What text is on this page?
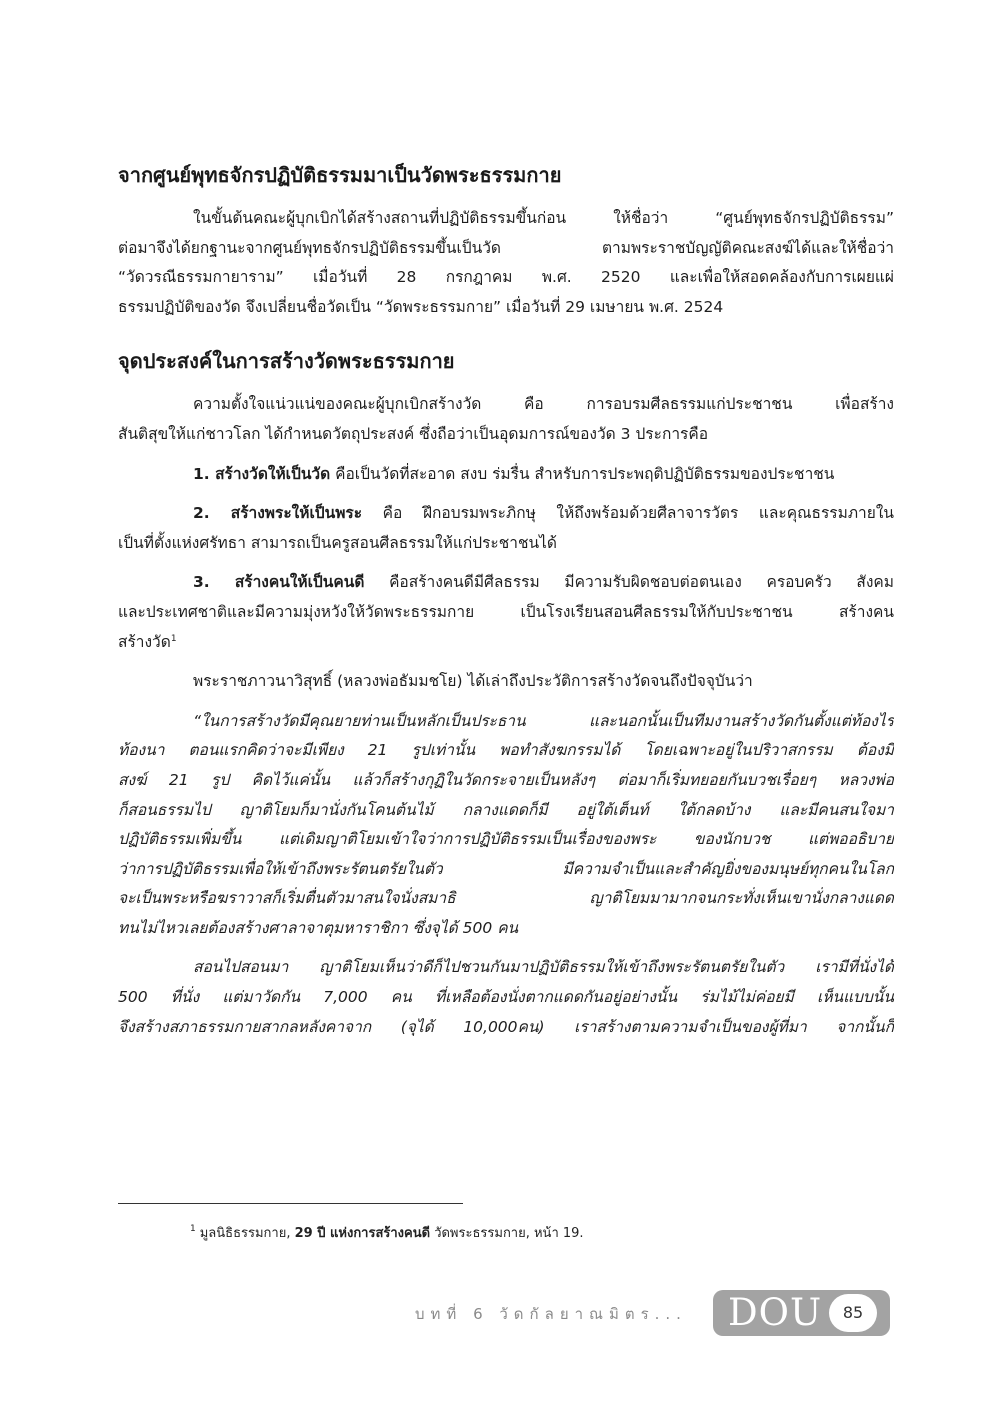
จากศูนย์พุทธจักรปฏิบัติธรรมมาเป็นวัดพระธรรมกาย
ในขั้นต้นคณะผู้บุกเบิกได้สร้างสถานที่ปฏิบัติธรรมขึ้นก่อน ให้ชื่อว่า “ศูนย์พุทธจักรปฏิบัติธรรม”
ต่อมาจึงได้ยกฐานะจากศูนย์พุทธจักรปฏิบัติธรรมขึ้นเป็นวัด ตามพระราชบัญญัติคณะสงฆ์ได้และให้ชื่อว่า
“วัดวรณีธรรมกายาราม” เมื่อวันที่ 28 กรกฎาคม พ.ศ. 2520 และเพื่อให้สอดคล้องกับการเผยแผ่
ธรรมปฏิบัติของวัด จึงเปลี่ยนชื่อวัดเป็น “วัดพระธรรมกาย” เมื่อวันที่ 29 เมษายน พ.ศ. 2524
จุดประสงค์ในการสร้างวัดพระธรรมกาย
ความตั้งใจแน่วแน่ของคณะผู้บุกเบิกสร้างวัด คือ การอบรมศีลธรรมแก่ประชาชน เพื่อสร้าง
สันติสุขให้แก่ชาวโลก ได้กำหนดวัตถุประสงค์ ซึ่งถือว่าเป็นอุดมการณ์ของวัด 3 ประการคือ
1. สร้างวัดให้เป็นวัด คือเป็นวัดที่สะอาด สงบ ร่มรื่น สำหรับการประพฤติปฏิบัติธรรมของประชาชน
2. สร้างพระให้เป็นพระ คือ ฝึกอบรมพระภิกษุ ให้ถึงพร้อมด้วยศีลาจารวัตร และคุณธรรมภายใน
เป็นที่ตั้งแห่งศรัทธา สามารถเป็นครูสอนศีลธรรมให้แก่ประชาชนได้
3. สร้างคนให้เป็นคนดี คือสร้างคนดีมีศีลธรรม มีความรับผิดชอบต่อตนเอง ครอบครัว สังคม
และประเทศชาติและมีความมุ่งหวังให้วัดพระธรรมกาย เป็นโรงเรียนสอนศีลธรรมให้กับประชาชน สร้างคน
สร้างวัด$^1$
พระราชภาวนาวิสุทธิ์ (หลวงพ่อธัมมชโย) ได้เล่าถึงประวัติการสร้างวัดจนถึงปัจจุบันว่า
“ในการสร้างวัดมีคุณยายท่านเป็นหลักเป็นประธาน และนอกนั้นเป็นทีมงานสร้างวัดกันตั้งแต่ท้องไร่
ท้องนา ตอนแรกคิดว่าจะมีเพียง 21 รูปเท่านั้น พอทำสังฆกรรมได้ โดยเฉพาะอยู่ในปริวาสกรรม ต้องมี
สงฆ์ 21 รูป คิดไว้แค่นั้น แล้วก็สร้างกุฏิในวัดกระจายเป็นหลังๆ ต่อมาก็เริ่มทยอยกันบวชเรื่อยๆ หลวงพ่อ
ก็สอนธรรมไป ญาติโยมก็มานั่งกันโคนต้นไม้ กลางแดดก็มี อยู่ใต้เต็นท์ ใต้กลดบ้าง และมีคนสนใจมา
ปฏิบัติธรรมเพิ่มขึ้น แต่เดิมญาติโยมเข้าใจว่าการปฏิบัติธรรมเป็นเรื่องของพระ ของนักบวช แต่พออธิบาย
ว่าการปฏิบัติธรรมเพื่อให้เข้าถึงพระรัตนตรัยในตัว มีความจำเป็นและสำคัญยิ่งของมนุษย์ทุกคนในโลก
จะเป็นพระหรือฆราวาสก็เริ่มตื่นตัวมาสนใจนั่งสมาธิ ญาติโยมมามากจนกระทั่งเห็นเขานั่งกลางแดด
ทนไม่ไหวเลยต้องสร้างศาลาจาตุมหาราชิกา ซึ่งจุได้ 500 คน
สอนไปสอนมา ญาติโยมเห็นว่าดีก็ไปชวนกันมาปฏิบัติธรรมให้เข้าถึงพระรัตนตรัยในตัว เรามีที่นั่งได้
500 ที่นั่ง แต่มาวัดกัน 7,000 คน ที่เหลือต้องนั่งตากแดดกันอยู่อย่างนั้น ร่มไม้ไม่ค่อยมี เห็นแบบนั้น
จึงสร้างสภาธรรมกายสากลหลังคาจาก (จุได้ 10,000คน) เราสร้างตามความจำเป็นของผู้ที่มา จากนั้นก็
$^1$ มูลนิธิธรรมกาย, 29 ปี แห่งการสร้างคนดี วัดพระธรรมกาย, หน้า 19.
บทที่ 6 วัดกัลยาณมิตร... DOU	85
